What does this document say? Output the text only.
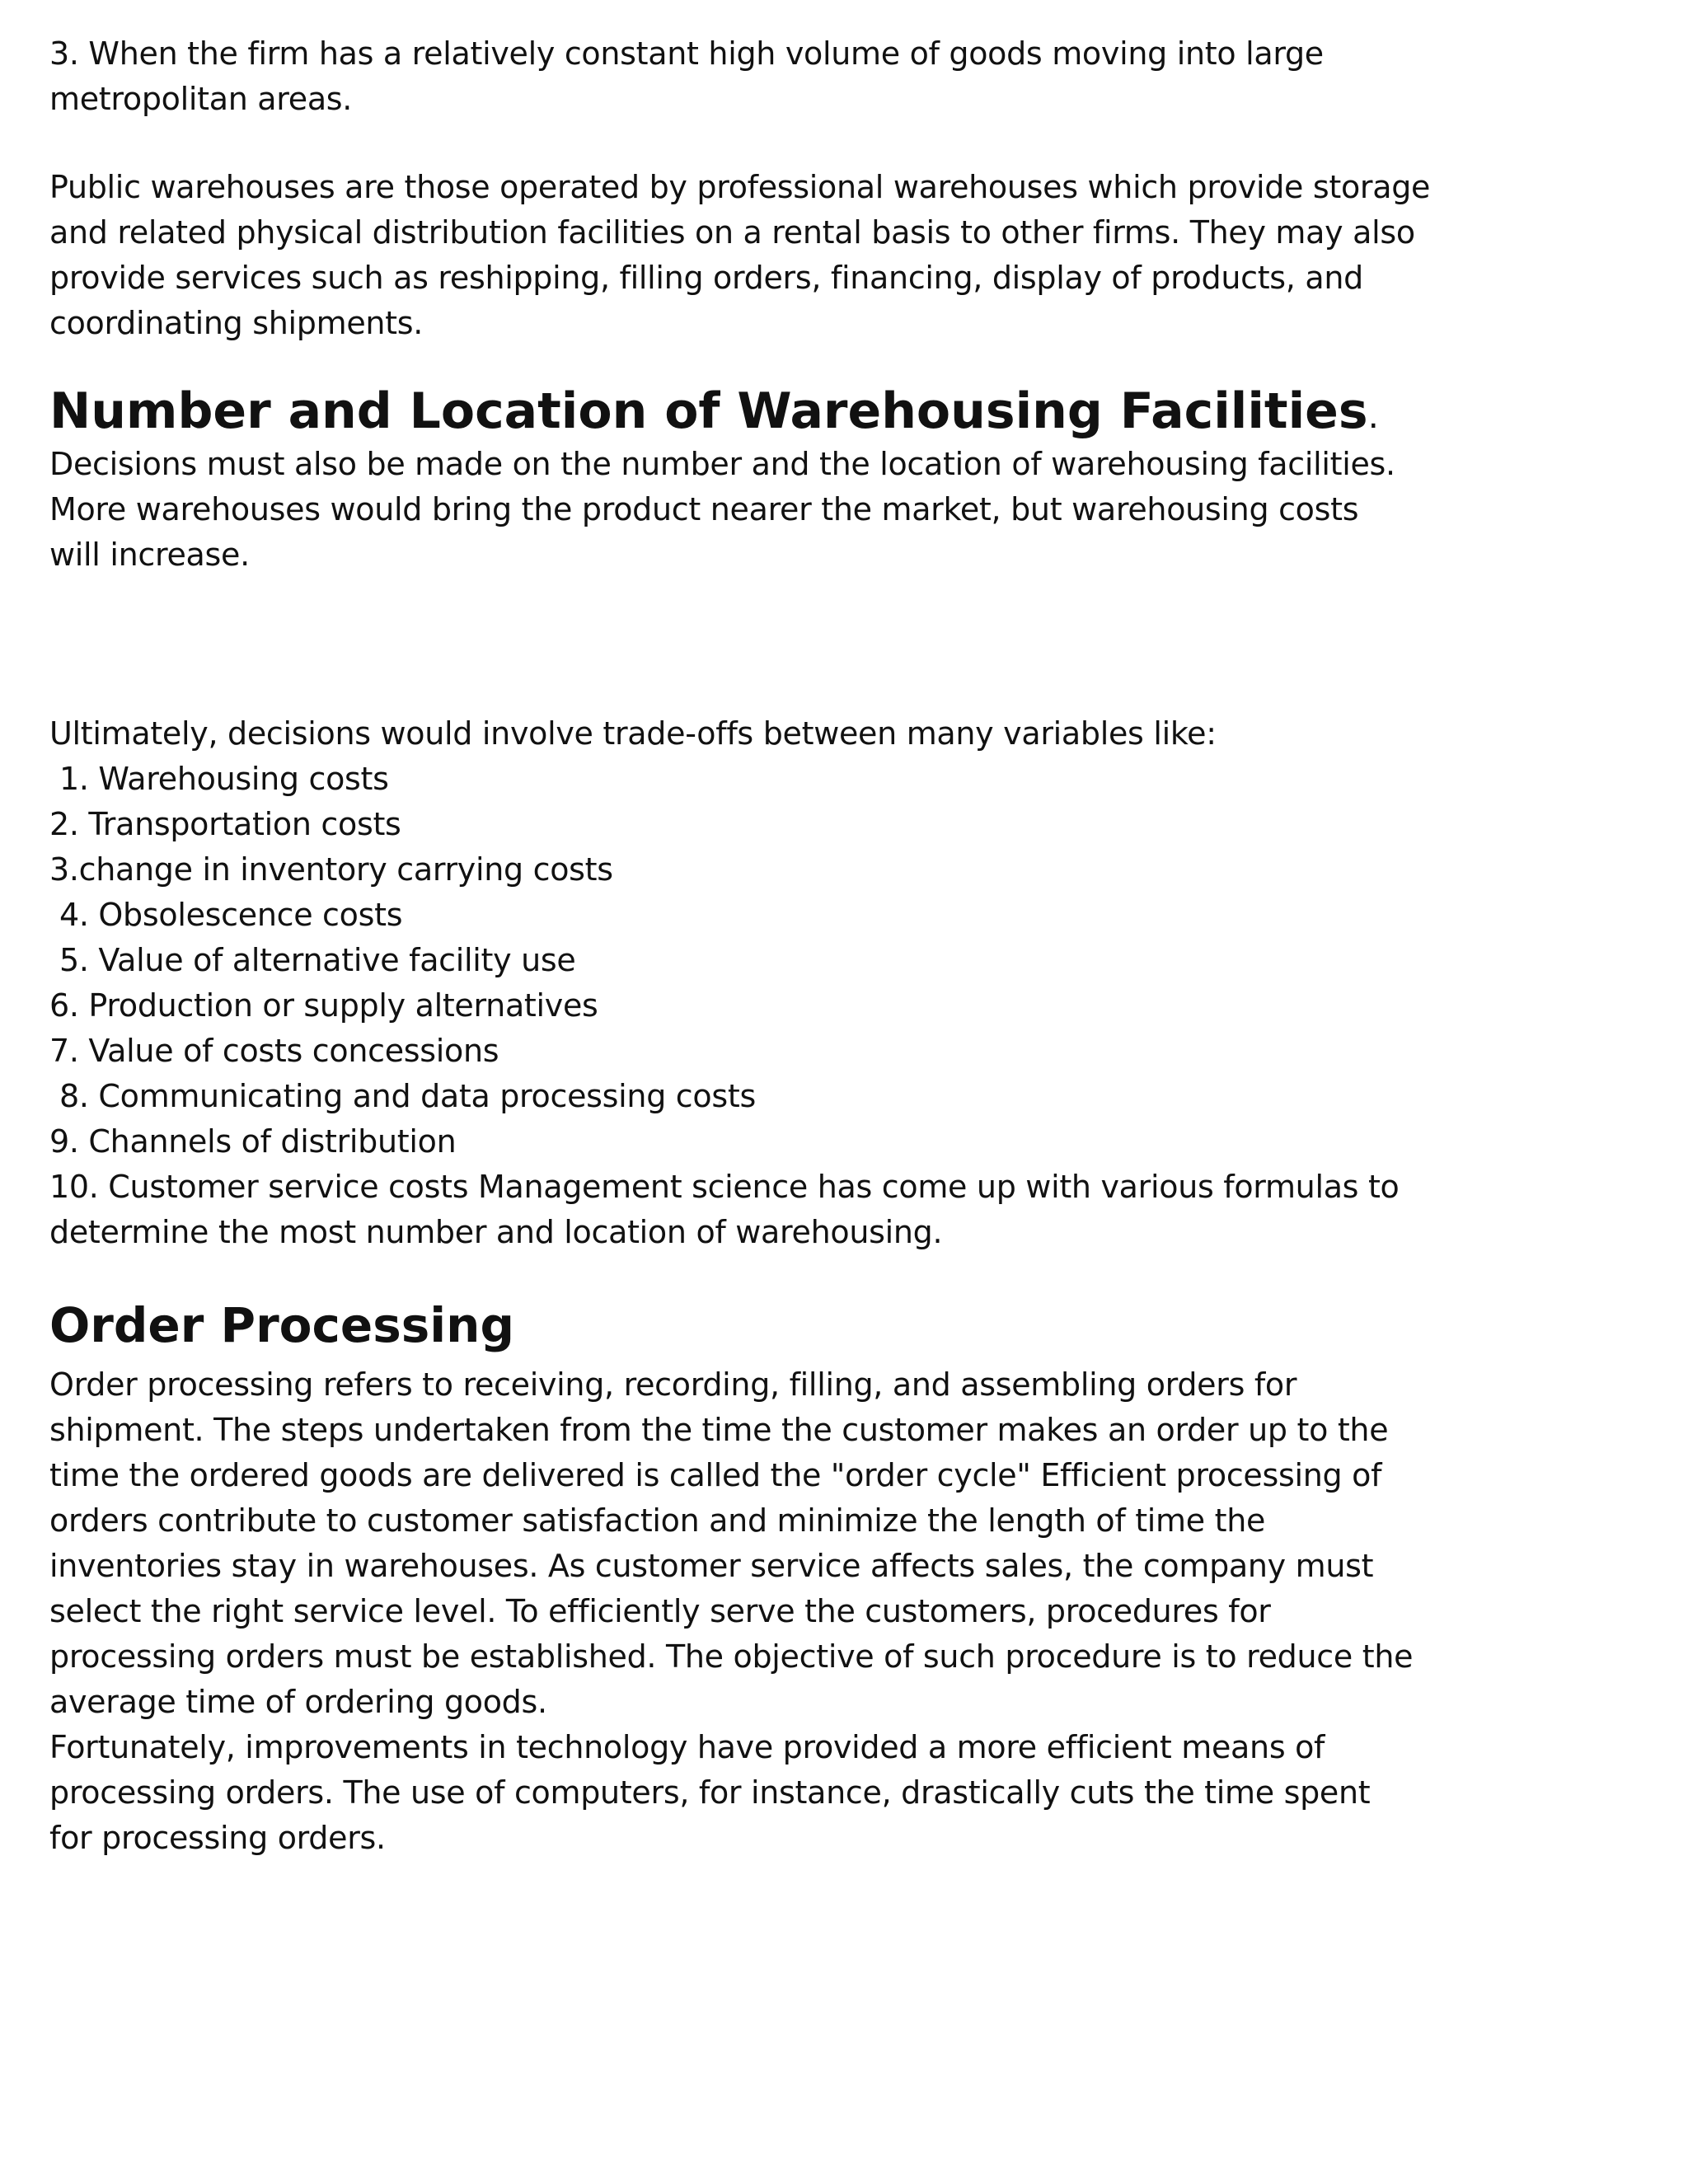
3. When the firm has a relatively constant high volume of goods moving into large
metropolitan areas.

Public warehouses are those operated by professional warehouses which provide storage
and related physical distribution facilities on a rental basis to other firms. They may also
provide services such as reshipping, filling orders, financing, display of products, and
coordinating shipments.

Number and Location of Warehousing Facilities.

Decisions must also be made on the number and the location of warehousing facilities.
More warehouses would bring the product nearer the market, but warehousing costs
will increase.

Ultimately, decisions would involve trade-offs between many variables like:

1. Warehousing costs
2. Transportation costs
3.change in inventory carrying costs
4. Obsolescence costs
5. Value of alternative facility use
6. Production or supply alternatives
7. Value of costs concessions
8. Communicating and data processing costs
9. Channels of distribution
10. Customer service costs Management science has come up with various formulas to
determine the most number and location of warehousing.
Order Processing

Order processing refers to receiving, recording, filling, and assembling orders for
shipment. The steps undertaken from the time the customer makes an order up to the
time the ordered goods are delivered is called the "order cycle" Efficient processing of
orders contribute to customer satisfaction and minimize the length of time the
inventories stay in warehouses. As customer service affects sales, the company must
select the right service level. To efficiently serve the customers, procedures for
processing orders must be established. The objective of such procedure is to reduce the
average time of ordering goods.

Fortunately, improvements in technology have provided a more efficient means of
processing orders. The use of computers, for instance, drastically cuts the time spent
for processing orders.
